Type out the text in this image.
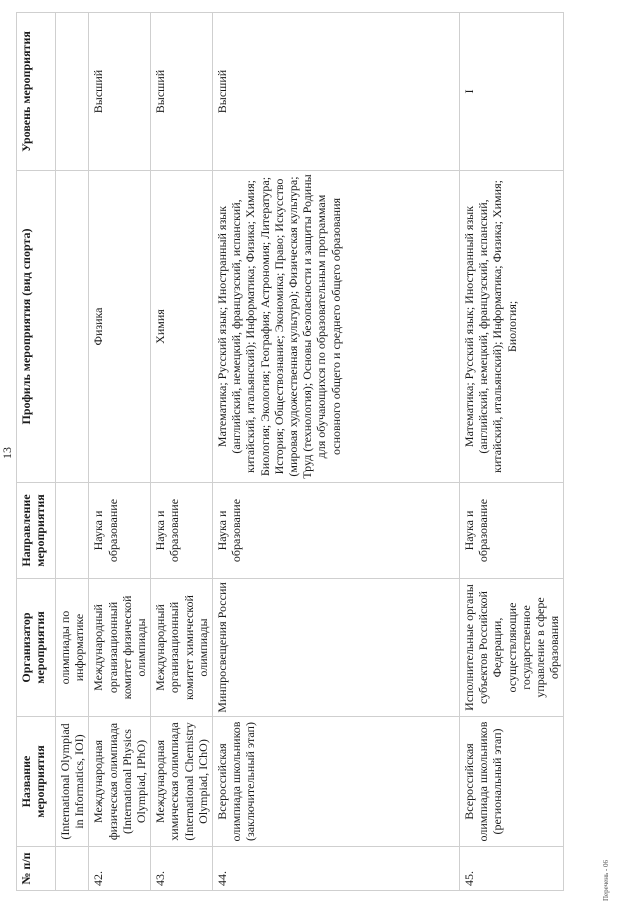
13
№ п/п	Название мероприятия	Организатор мероприятия	Направление мероприятия	Профиль мероприятия (вид спорта)	Уровень мероприятия
	(International Olympiad in Informatics, IOI)	олимпиады по информатике			
42.	Международная физическая олимпиада (International Physics Olympiad, IPhO)	Международный организационный комитет физической олимпиады	Наука и образование	Физика	Высший
43.	Международная химическая олимпиада (International Chemistry Olympiad, IChO)	Международный организационный комитет химической олимпиады	Наука и образование	Химия	Высший
44.	Всероссийская олимпиада школьников (заключительный этап)	Минпросвещения России	Наука и образование	Математика; Русский язык; Иностранный язык (английский, немецкий, французский, испанский, китайский, итальянский); Информатика; Физика; Химия; Биология; Экология; География; Астрономия; Литература; История; Обществознание; Экономика; Право; Искусство (мировая художественная культура); Физическая культура; Труд (технология); Основы безопасности и защиты Родины для обучающихся по образовательным программам основного общего и среднего общего образования	Высший
45.	Всероссийская олимпиада школьников (региональный этап)	Исполнительные органы субъектов Российской Федерации, осуществляющие государственное управление в сфере образования	Наука и образование	Математика; Русский язык; Иностранный язык (английский, немецкий, французский, испанский, китайский, итальянский); Информатика; Физика; Химия; Биология;	I
Перечень - 06
